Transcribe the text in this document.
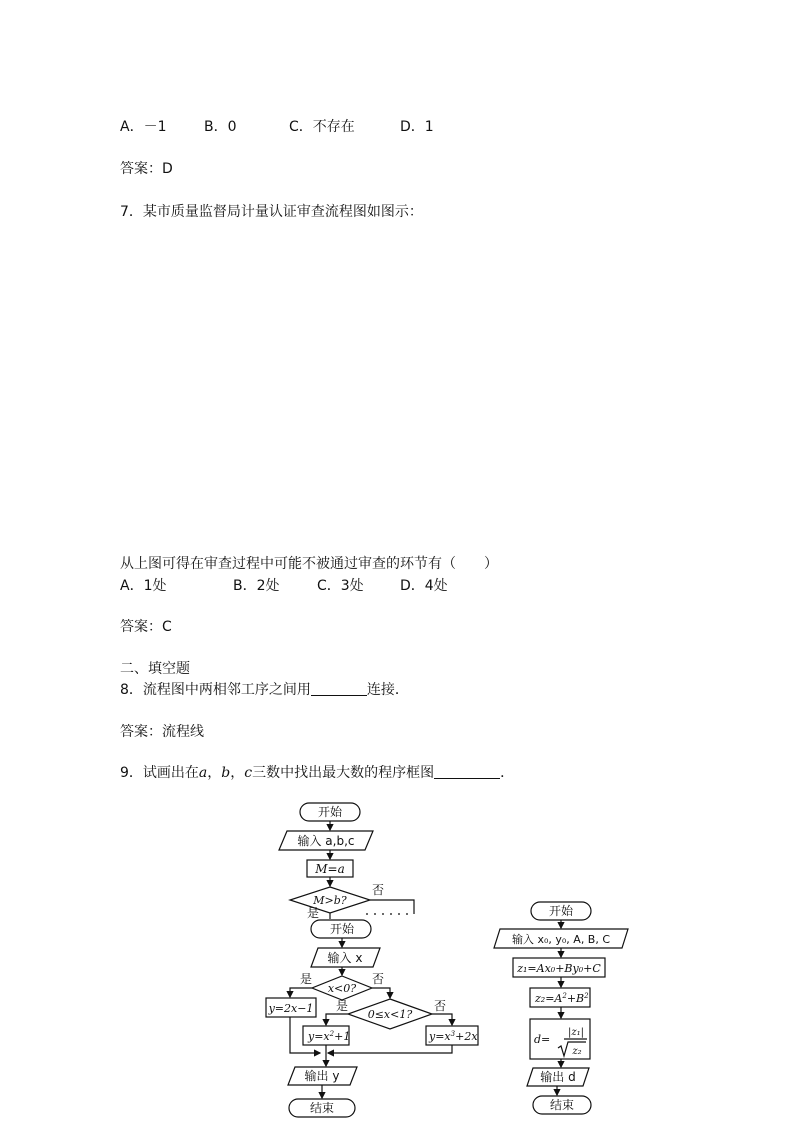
A．－1	B．0	C．不存在	D．1
答案：D
7．某市质量监督局计量认证审查流程图如图示：
从上图可得在审查过程中可能不被通过审查的环节有（　　）
A．1处	B．2处	C．3处	D．4处
答案：C
二、填空题
8．流程图中两相邻工序之间用	连接．
答案：流程线
9．试画出在a，b，c三数中找出最大数的程序框图	．
开始
输入 a,b,c
M=a
M>b?
否
是
开始
输入 x
x<0?
是	否
0≤x<1?
是	否
y=2x−1
$y=x^2+1$	$y=x^3+2x$
输出 y
结束
开始
输入 x₀, y₀, A, B, C
z₁=Ax₀+By₀+C
$z_2=A^2+B^2$
d=
|z₁|
z₂
输出 d
结束
